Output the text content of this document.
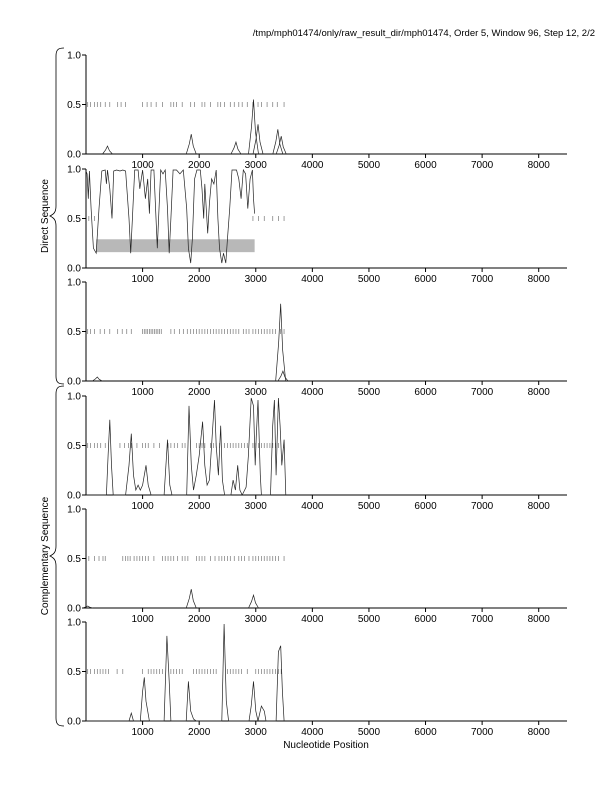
/tmp/mph01474/only/raw_result_dir/mph01474, Order 5, Window 96, Step 12, 2/2
0.0
0.5
1.0
1000	2000	3000	4000	5000	6000	7000	8000
0.0
0.5
1.0
1000	2000	3000	4000	5000	6000	7000	8000
0.0
0.5
1.0
1000	2000	3000	4000	5000	6000	7000	8000
0.0
0.5
1.0
1000	2000	3000	4000	5000	6000	7000	8000
0.0
0.5
1.0
1000	2000	3000	4000	5000	6000	7000	8000
0.0
0.5
1.0
1000	2000	3000	4000	5000	6000	7000	8000
Direct Sequence
Complementary Sequence
Nucleotide Position
